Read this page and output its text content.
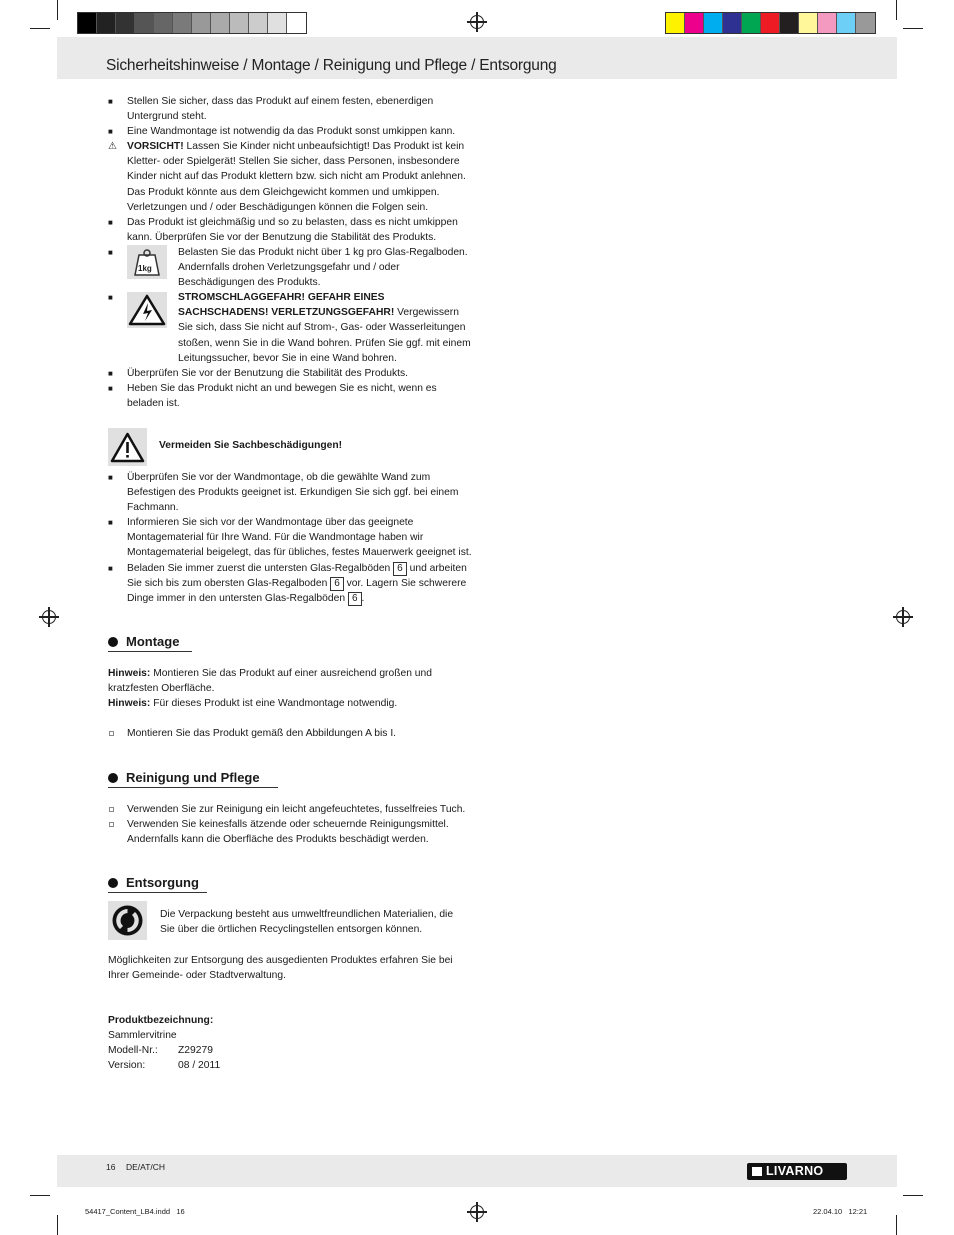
Sicherheitshinweise / Montage / Reinigung und Pflege / Entsorgung
■ Stellen Sie sicher, dass das Produkt auf einem festen, ebenerdigen Untergrund steht.
■ Eine Wandmontage ist notwendig da das Produkt sonst umkippen kann.
⚠ VORSICHT! Lassen Sie Kinder nicht unbeaufsichtigt! Das Produkt ist kein Kletter- oder Spielgerät! Stellen Sie sicher, dass Personen, insbesondere Kinder nicht auf das Produkt klettern bzw. sich nicht am Produkt anlehnen. Das Produkt könnte aus dem Gleichgewicht kommen und umkippen. Verletzungen und / oder Beschädigungen können die Folgen sein.
■ Das Produkt ist gleichmäßig und so zu belasten, dass es nicht umkippen kann. Überprüfen Sie vor der Benutzung die Stabilität des Produkts.
■
1kg
Belasten Sie das Produkt nicht über 1 kg pro Glas-Regalboden. Andernfalls drohen Verletzungsgefahr und / oder Beschädigungen des Produkts.
■	STROMSCHLAGGEFAHR! GEFAHR EINES SACHSCHADENS! VERLETZUNGSGEFAHR! Vergewissern Sie sich, dass Sie nicht auf Strom-, Gas- oder Wasserleitungen stoßen, wenn Sie in die Wand bohren. Prüfen Sie ggf. mit einem Leitungssucher, bevor Sie in eine Wand bohren.
■ Überprüfen Sie vor der Benutzung die Stabilität des Produkts.
■ Heben Sie das Produkt nicht an und bewegen Sie es nicht, wenn es beladen ist.
Vermeiden Sie Sachbeschädigungen!
■ Überprüfen Sie vor der Wandmontage, ob die gewählte Wand zum Befestigen des Produkts geeignet ist. Erkundigen Sie sich ggf. bei einem Fachmann.
■ Informieren Sie sich vor der Wandmontage über das geeignete Montagematerial für Ihre Wand. Für die Wandmontage haben wir Montagematerial beigelegt, das für übliches, festes Mauerwerk geeignet ist.
■ Beladen Sie immer zuerst die untersten Glas-Regalböden 6 und arbeiten Sie sich bis zum obersten Glas-Regalboden 6 vor. Lagern Sie schwerere Dinge immer in den untersten Glas-Regalböden 6 .
Montage

Hinweis: Montieren Sie das Produkt auf einer ausreichend großen und kratzfesten Oberfläche.

Hinweis: Für dieses Produkt ist eine Wandmontage notwendig.

Montieren Sie das Produkt gemäß den Abbildungen A bis I.
Reinigung und Pflege
Verwenden Sie zur Reinigung ein leicht angefeuchtetes, fusselfreies Tuch.
Verwenden Sie keinesfalls ätzende oder scheuernde Reinigungsmittel. Andernfalls kann die Oberfläche des Produkts beschädigt werden.
Entsorgung
Die Verpackung besteht aus umweltfreundlichen Materialien, die Sie über die örtlichen Recyclingstellen entsorgen können.
Möglichkeiten zur Entsorgung des ausgedienten Produktes erfahren Sie bei Ihrer Gemeinde- oder Stadtverwaltung.
Produktbezeichnung:
Sammlervitrine
Modell-Nr.: Z29279
Version:	08 / 2011
16 DE/AT/CH	LIVARNO
54417_Content_LB4.indd   16	22.04.10   12:21
